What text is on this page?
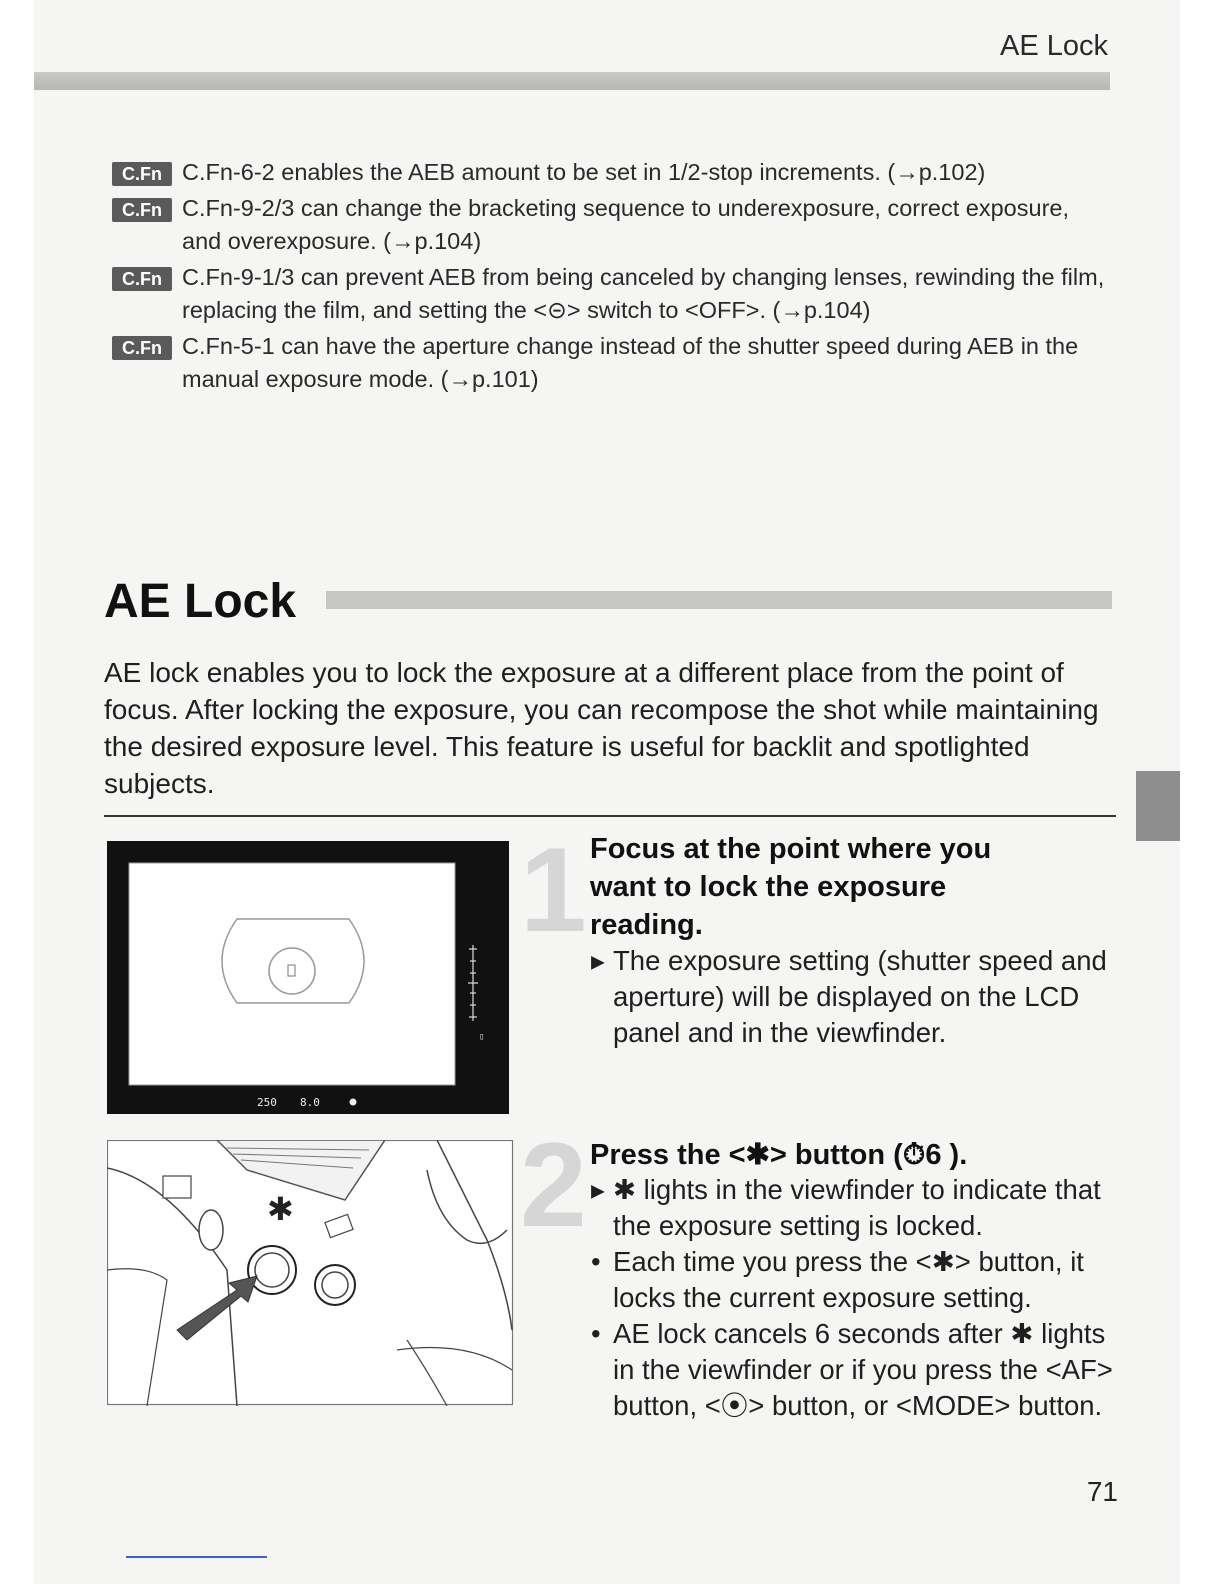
AE Lock
C.Fn C.Fn-6-2 enables the AEB amount to be set in 1/2-stop increments. (→p.102)
C.Fn C.Fn-9-2/3 can change the bracketing sequence to underexposure, correct exposure, and overexposure. (→p.104)
C.Fn C.Fn-9-1/3 can prevent AEB from being canceled by changing lenses, rewinding the film, replacing the film, and setting the <⊝> switch to <OFF>. (→p.104)
C.Fn C.Fn-5-1 can have the aperture change instead of the shutter speed during AEB in the manual exposure mode. (→p.101)
AE Lock
AE lock enables you to lock the exposure at a different place from the point of focus. After locking the exposure, you can recompose the shot while maintaining the desired exposure level. This feature is useful for backlit and spotlighted subjects.
▯
250 8.0
✱
1 Focus at the point where you want to lock the exposure reading.
▸ The exposure setting (shutter speed and aperture) will be displayed on the LCD panel and in the viewfinder.
2 Press the <✱> button (⏱6 ).
▸ ✱ lights in the viewfinder to indicate that the exposure setting is locked.
• Each time you press the <✱> button, it locks the current exposure setting.
• AE lock cancels 6 seconds after ✱ lights in the viewfinder or if you press the <AF> button, <⦿> button, or <MODE> button.
71
